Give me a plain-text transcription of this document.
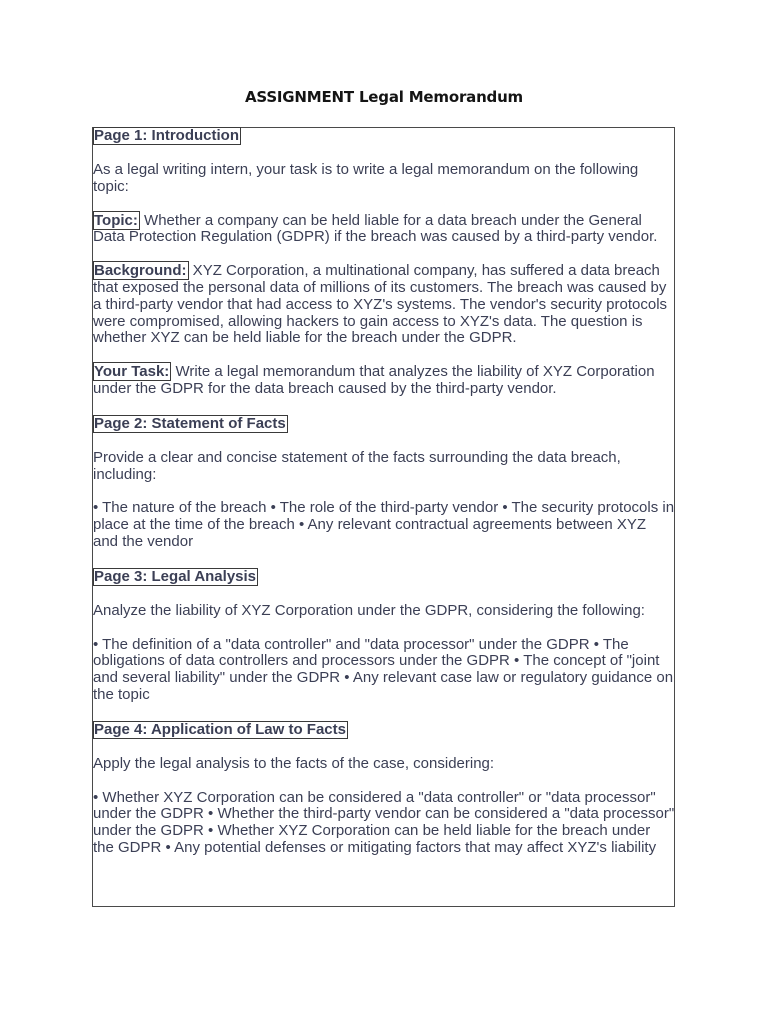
ASSIGNMENT Legal Memorandum
Page 1: Introduction

As a legal writing intern, your task is to write a legal memorandum on the following topic:

Topic: Whether a company can be held liable for a data breach under the General Data Protection Regulation (GDPR) if the breach was caused by a third-party vendor.

Background: XYZ Corporation, a multinational company, has suffered a data breach that exposed the personal data of millions of its customers. The breach was caused by a third-party vendor that had access to XYZ's systems. The vendor's security protocols were compromised, allowing hackers to gain access to XYZ's data. The question is whether XYZ can be held liable for the breach under the GDPR.

Your Task: Write a legal memorandum that analyzes the liability of XYZ Corporation under the GDPR for the data breach caused by the third-party vendor.

Page 2: Statement of Facts

Provide a clear and concise statement of the facts surrounding the data breach, including:

• The nature of the breach • The role of the third-party vendor • The security protocols in place at the time of the breach • Any relevant contractual agreements between XYZ and the vendor

Page 3: Legal Analysis

Analyze the liability of XYZ Corporation under the GDPR, considering the following:

• The definition of a "data controller" and "data processor" under the GDPR • The obligations of data controllers and processors under the GDPR • The concept of "joint and several liability" under the GDPR • Any relevant case law or regulatory guidance on the topic

Page 4: Application of Law to Facts

Apply the legal analysis to the facts of the case, considering:

• Whether XYZ Corporation can be considered a "data controller" or "data processor" under the GDPR • Whether the third-party vendor can be considered a "data processor" under the GDPR • Whether XYZ Corporation can be held liable for the breach under the GDPR • Any potential defenses or mitigating factors that may affect XYZ's liability
